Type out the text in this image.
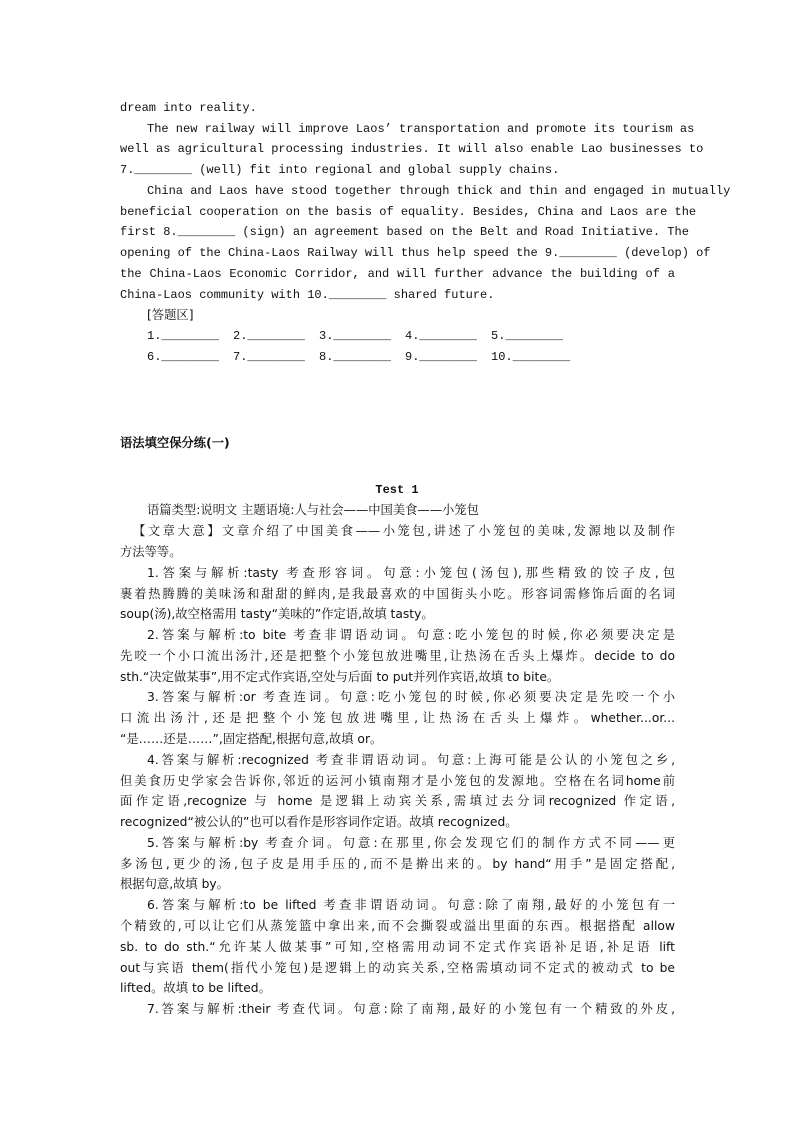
dream into reality.
The new railway will improve Laos’ transportation and promote its tourism as
well as agricultural processing industries. It will also enable Lao businesses to
7.________ (well) fit into regional and global supply chains.
China and Laos have stood together through thick and thin and engaged in mutually
beneficial cooperation on the basis of equality. Besides, China and Laos are the
first 8.________ (sign) an agreement based on the Belt and Road Initiative. The
opening of the China-Laos Railway will thus help speed the 9.________ (develop) of
the China-Laos Economic Corridor, and will further advance the building of a
China-Laos community with 10.________ shared future.
[答题区]
1.________ 2.________ 3.________ 4.________ 5.________
6.________ 7.________ 8.________ 9.________ 10.________
语法填空保分练(一)
Test 1
语篇类型:说明文 主题语境:人与社会——中国美食——小笼包
【文章大意】文章介绍了中国美食——小笼包,讲述了小笼包的美味,发源地以及制作
方法等等。
1.答案与解析:tasty 考查形容词。句意:小笼包(汤包),那些精致的饺子皮,包
裹着热腾腾的美味汤和甜甜的鲜肉,是我最喜欢的中国街头小吃。形容词需修饰后面的名词
soup(汤),故空格需用 tasty“美味的”作定语,故填 tasty。
2.答案与解析:to bite 考查非谓语动词。句意:吃小笼包的时候,你必须要决定是
先咬一个小口流出汤汁,还是把整个小笼包放进嘴里,让热汤在舌头上爆炸。decide to do
sth.“决定做某事”,用不定式作宾语,空处与后面 to put并列作宾语,故填 to bite。
3.答案与解析:or 考查连词。句意:吃小笼包的时候,你必须要决定是先咬一个小
口流出汤汁,还是把整个小笼包放进嘴里,让热汤在舌头上爆炸。whether...or...
“是……还是……”,固定搭配,根据句意,故填 or。
4.答案与解析:recognized 考查非谓语动词。句意:上海可能是公认的小笼包之乡,
但美食历史学家会告诉你,邻近的运河小镇南翔才是小笼包的发源地。空格在名词home前
面作定语,recognize 与 home 是逻辑上动宾关系,需填过去分词recognized 作定语,
recognized“被公认的”也可以看作是形容词作定语。故填 recognized。
5.答案与解析:by 考查介词。句意:在那里,你会发现它们的制作方式不同——更
多汤包,更少的汤,包子皮是用手压的,而不是擀出来的。by hand“用手”是固定搭配,
根据句意,故填 by。
6.答案与解析:to be lifted 考查非谓语动词。句意:除了南翔,最好的小笼包有一
个精致的,可以让它们从蒸笼篮中拿出来,而不会撕裂或溢出里面的东西。根据搭配 allow
sb. to do sth.“允许某人做某事”可知,空格需用动词不定式作宾语补足语,补足语 lift
out与宾语 them(指代小笼包)是逻辑上的动宾关系,空格需填动词不定式的被动式 to be
lifted。故填 to be lifted。
7.答案与解析:their 考查代词。句意:除了南翔,最好的小笼包有一个精致的外皮,
